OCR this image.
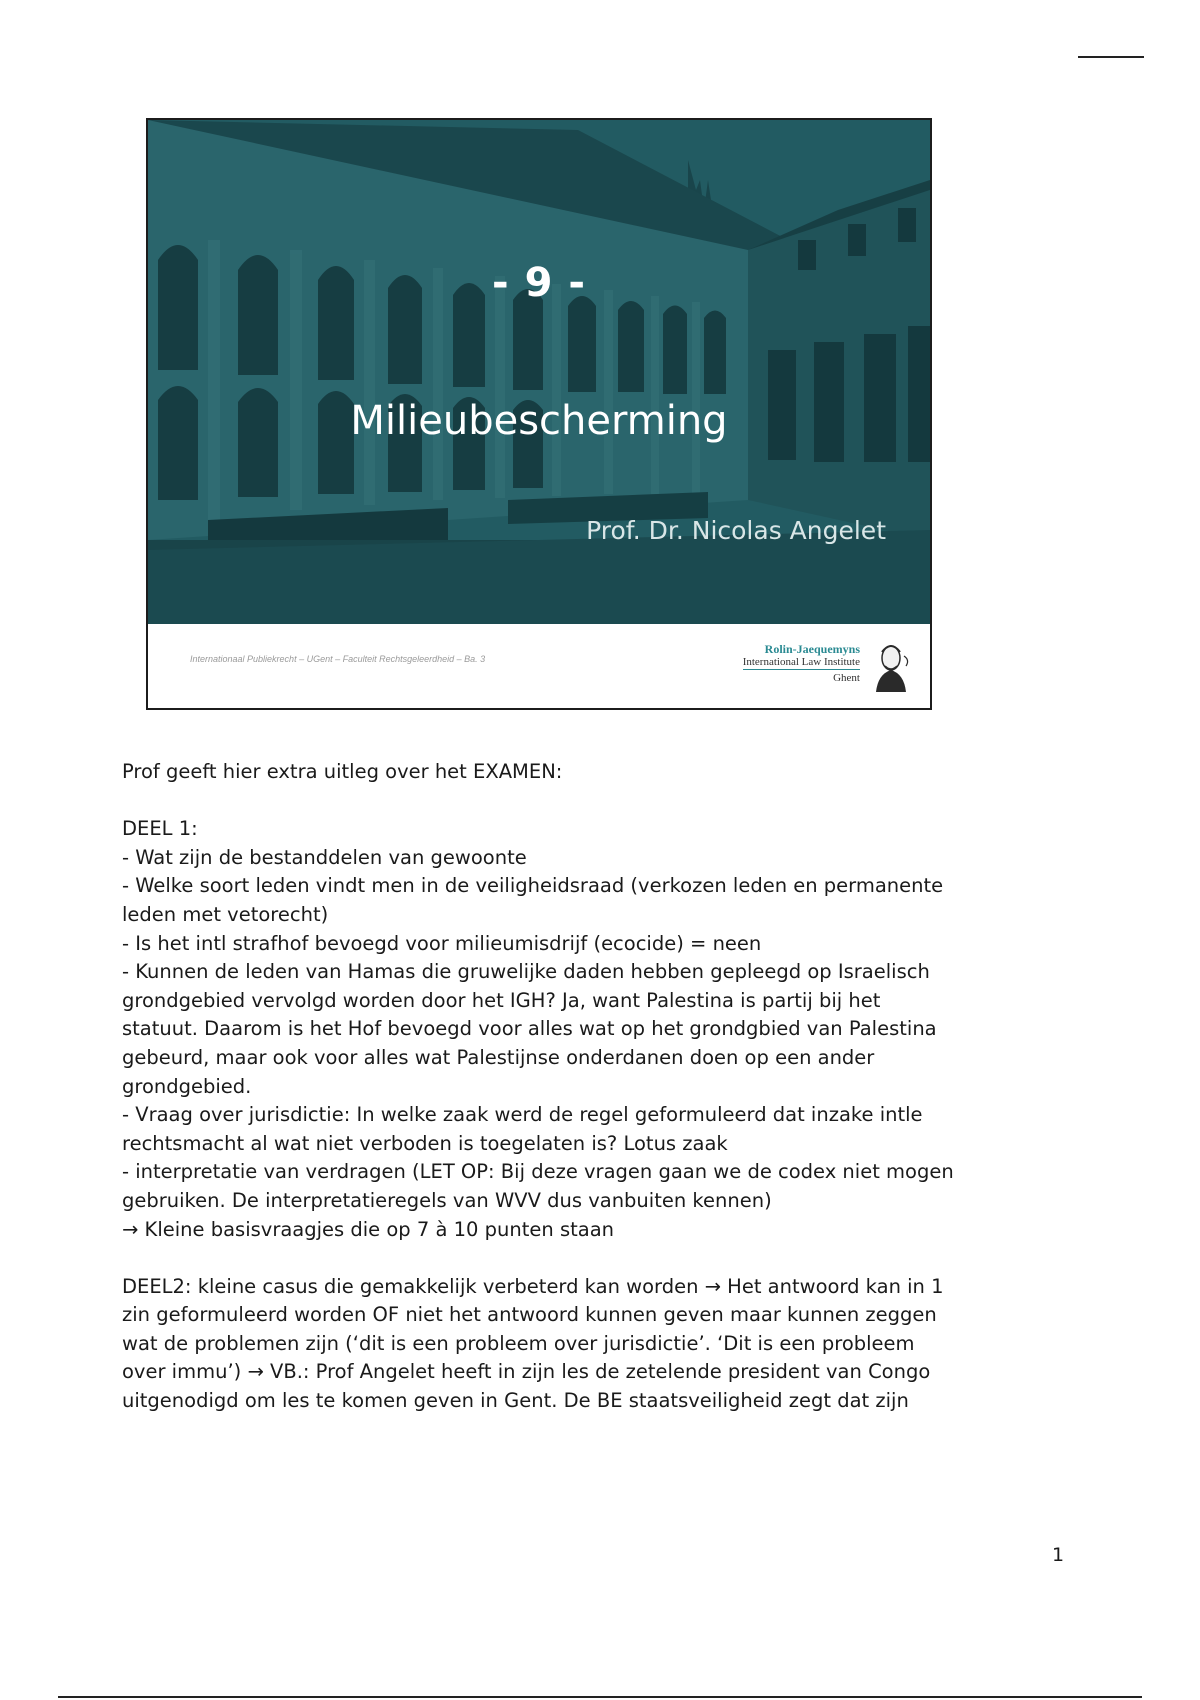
- 9 -
Milieubescherming
Prof. Dr. Nicolas Angelet
Internationaal Publiekrecht – UGent – Faculteit Rechtsgeleerdheid – Ba. 3
Rolin-Jaequemyns
International Law Institute
Ghent

Prof geeft hier extra uitleg over het EXAMEN:

DEEL 1:

- Wat zijn de bestanddelen van gewoonte

- Welke soort leden vindt men in de veiligheidsraad (verkozen leden en permanente

leden met vetorecht)

- Is het intl strafhof bevoegd voor milieumisdrijf (ecocide) = neen

- Kunnen de leden van Hamas die gruwelijke daden hebben gepleegd op Israelisch

grondgebied vervolgd worden door het IGH? Ja, want Palestina is partij bij het

statuut. Daarom is het Hof bevoegd voor alles wat op het grondgbied van Palestina

gebeurd, maar ook voor alles wat Palestijnse onderdanen doen op een ander

grondgebied.

- Vraag over jurisdictie: In welke zaak werd de regel geformuleerd dat inzake intle

rechtsmacht al wat niet verboden is toegelaten is? Lotus zaak

- interpretatie van verdragen (LET OP: Bij deze vragen gaan we de codex niet mogen

gebruiken. De interpretatieregels van WVV dus vanbuiten kennen)

→ Kleine basisvraagjes die op 7 à 10 punten staan

DEEL2: kleine casus die gemakkelijk verbeterd kan worden → Het antwoord kan in 1

zin geformuleerd worden OF niet het antwoord kunnen geven maar kunnen zeggen

wat de problemen zijn (‘dit is een probleem over jurisdictie’. ‘Dit is een probleem

over immu’) → VB.: Prof Angelet heeft in zijn les de zetelende president van Congo

uitgenodigd om les te komen geven in Gent. De BE staatsveiligheid zegt dat zijn

1
